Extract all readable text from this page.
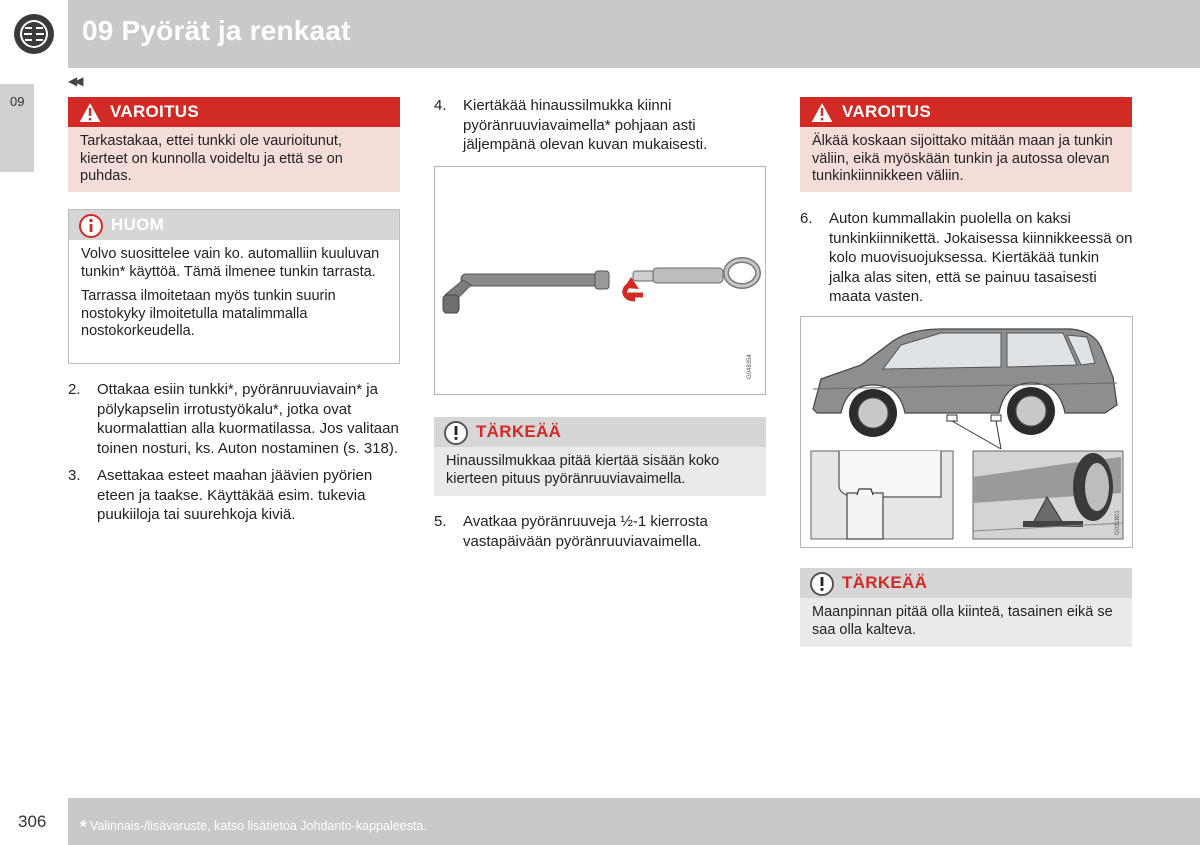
09 Pyörät ja renkaat
09
◀◀
VAROITUS
Tarkastakaa, ettei tunkki ole vaurioitunut, kierteet on kunnolla voideltu ja että se on puhdas.
HUOM

Volvo suosittelee vain ko. automalliin kuuluvan tunkin* käyttöä. Tämä ilmenee tunkin tarrasta.

Tarrassa ilmoitetaan myös tunkin suurin nostokyky ilmoitetulla matalimmalla nostokorkeudella.

2. Ottakaa esiin tunkki*, pyöränruuviavain* ja pölykapselin irrotustyökalu*, jotka ovat kuormalattian alla kuormatilassa. Jos valitaan toinen nosturi, ks. Auton nostaminen (s. 318).
3. Asettakaa esteet maahan jäävien pyörien eteen ja taakse. Käyttäkää esim. tukevia puukiiloja tai suurehkoja kiviä.
4. Kiertäkää hinaussilmukka kiinni pyöränruuviavaimella* pohjaan asti jäljempänä olevan kuvan mukaisesti.
G048354
TÄRKEÄÄ
Hinaussilmukkaa pitää kiertää sisään koko kierteen pituus pyöränruuviavaimella.
5. Avatkaa pyöränruuveja ½-1 kierrosta vastapäivään pyöränruuviavaimella.
VAROITUS
Älkää koskaan sijoittako mitään maan ja tunkin väliin, eikä myöskään tunkin ja autossa olevan tunkinkiinnikkeen väliin.
6. Auton kummallakin puolella on kaksi tunkinkiinnikettä. Jokaisessa kiinnikkeessä on kolo muovisuojuksessa. Kiertäkää tunkin jalka alas siten, että se painuu tasaisesti maata vasten.
G031801
TÄRKEÄÄ
Maanpinnan pitää olla kiinteä, tasainen eikä se saa olla kalteva.
306 * Valinnais-/lisävaruste, katso lisätietoa Johdanto-kappaleesta.
